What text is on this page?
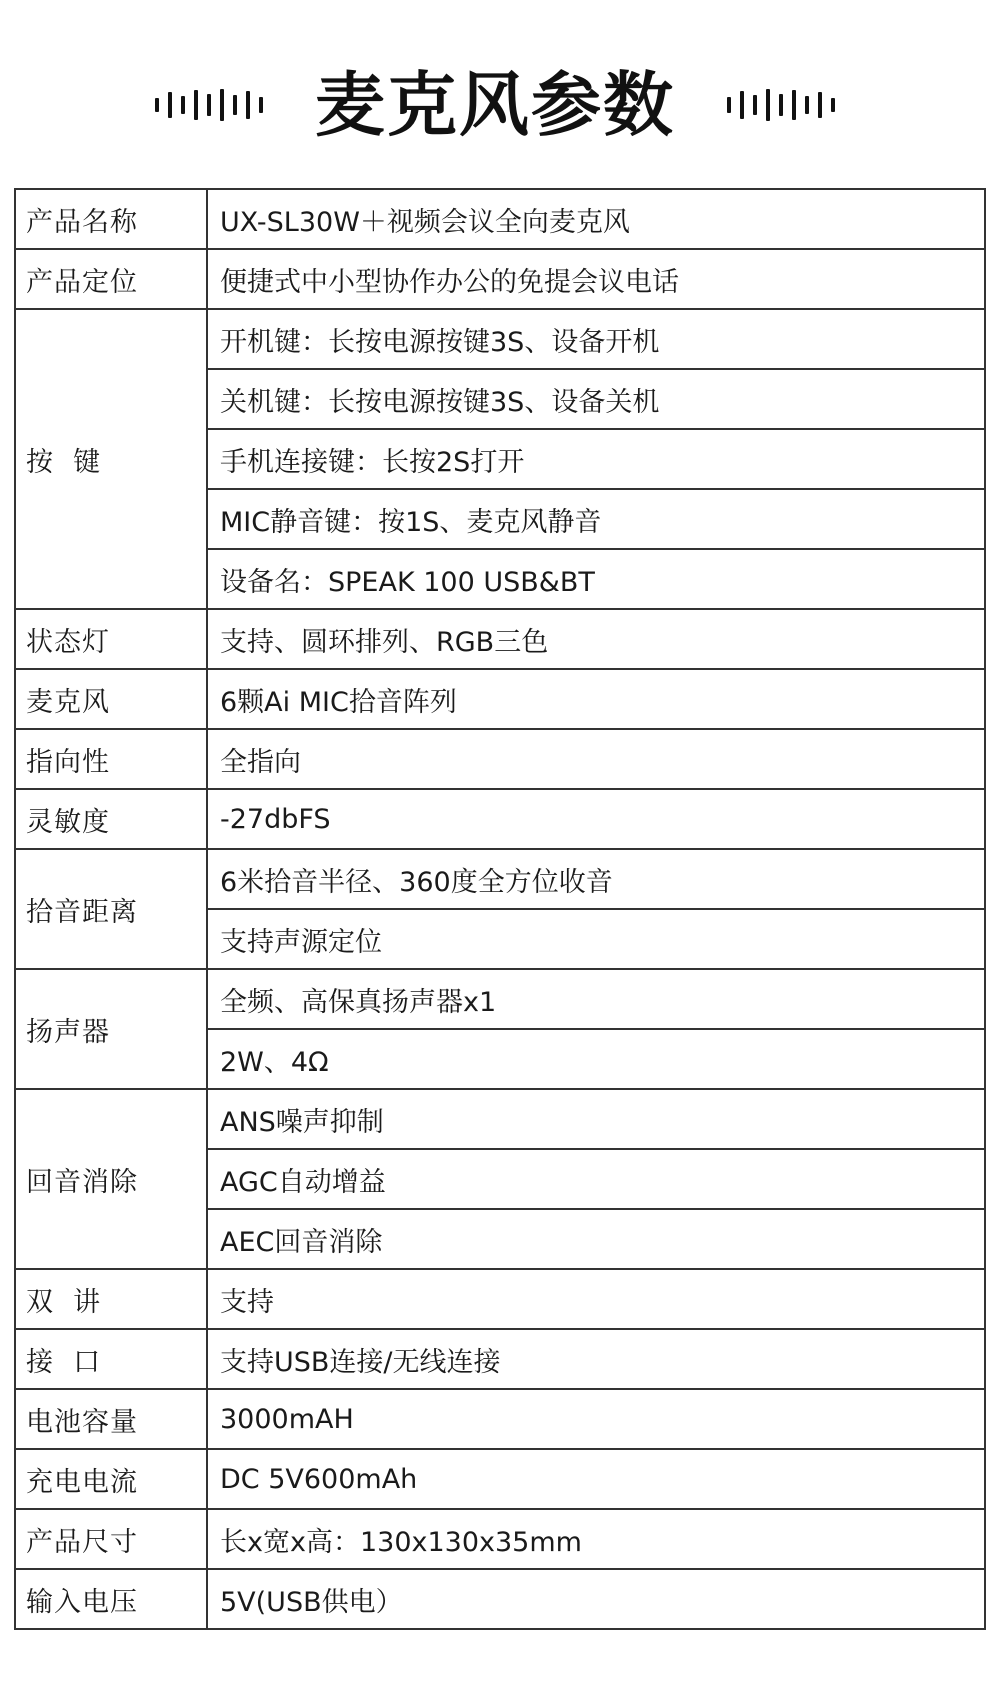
麦克风参数
产品名称	UX-SL30W＋视频会议全向麦克风
产品定位	便捷式中小型协作办公的免提会议电话
按  键	开机键：长按电源按键3S、设备开机
	关机键：长按电源按键3S、设备关机
	手机连接键：长按2S打开
	MIC静音键：按1S、麦克风静音
	设备名：SPEAK 100 USB&BT
状态灯	支持、圆环排列、RGB三色
麦克风	6颗Ai MIC拾音阵列
指向性	全指向
灵敏度	-27dbFS
拾音距离	6米拾音半径、360度全方位收音
	支持声源定位
扬声器	全频、高保真扬声器x1
	2W、4Ω
回音消除	ANS噪声抑制
	AGC自动增益
	AEC回音消除
双  讲	支持
接  口	支持USB连接/无线连接
电池容量	3000mAH
充电电流	DC 5V600mAh
产品尺寸	长x宽x高：130x130x35mm
输入电压	5V(USB供电）
